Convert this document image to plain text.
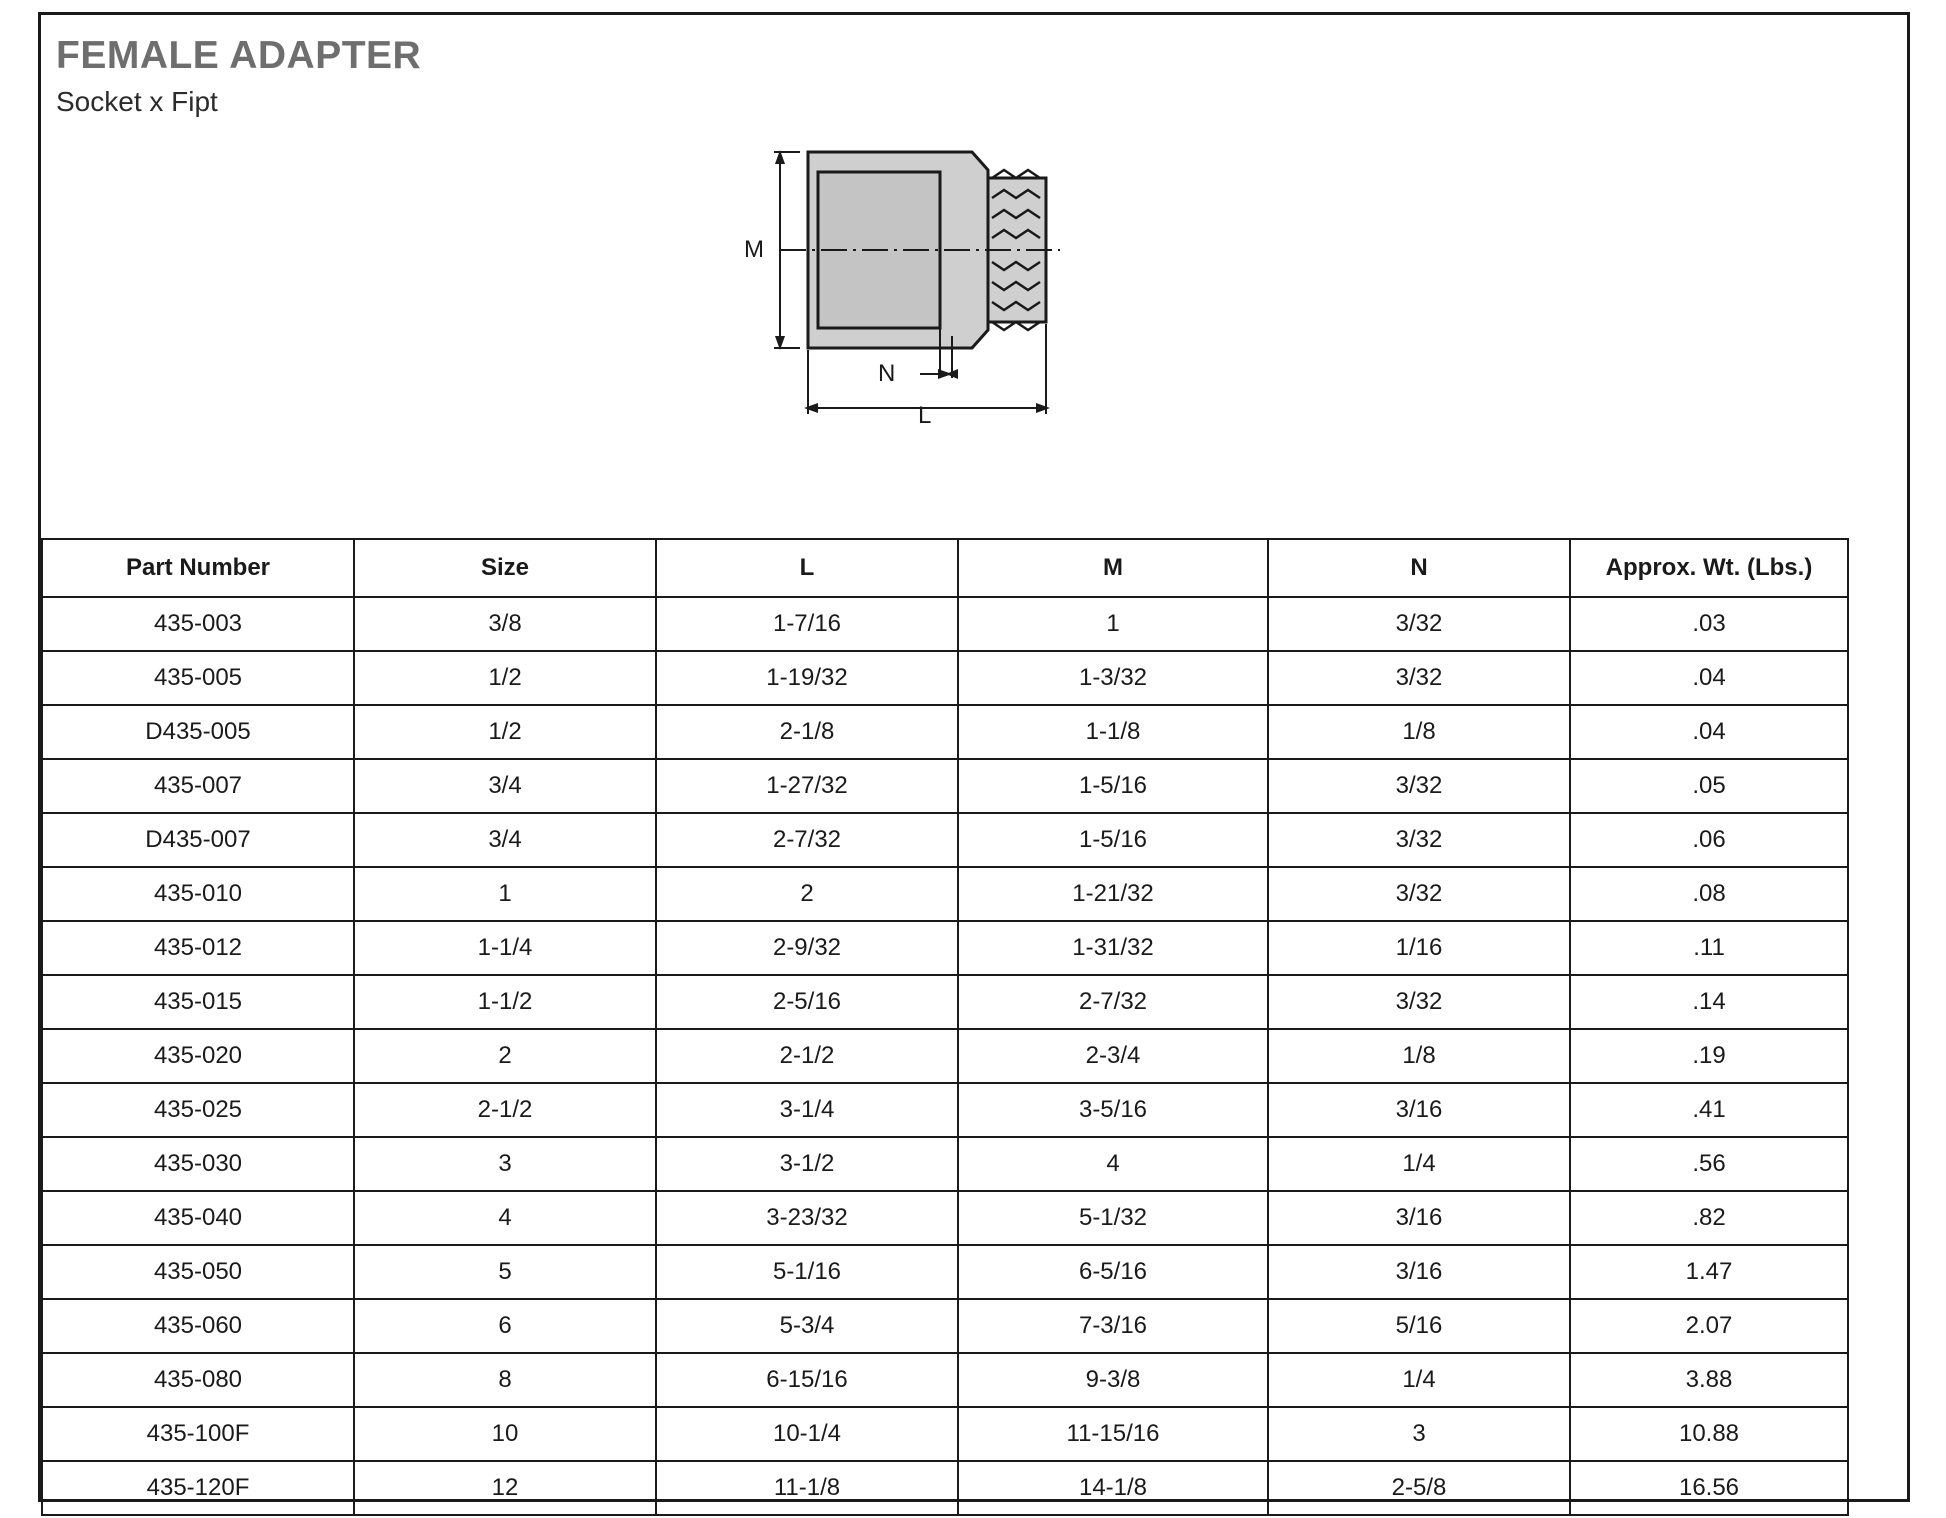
FEMALE ADAPTER
Socket x Fipt
M
N
L
Part Number	Size	L	M	N	Approx. Wt. (Lbs.)
435-003	3/8	1-7/16	1	3/32	.03
435-005	1/2	1-19/32	1-3/32	3/32	.04
D435-005	1/2	2-1/8	1-1/8	1/8	.04
435-007	3/4	1-27/32	1-5/16	3/32	.05
D435-007	3/4	2-7/32	1-5/16	3/32	.06
435-010	1	2	1-21/32	3/32	.08
435-012	1-1/4	2-9/32	1-31/32	1/16	.11
435-015	1-1/2	2-5/16	2-7/32	3/32	.14
435-020	2	2-1/2	2-3/4	1/8	.19
435-025	2-1/2	3-1/4	3-5/16	3/16	.41
435-030	3	3-1/2	4	1/4	.56
435-040	4	3-23/32	5-1/32	3/16	.82
435-050	5	5-1/16	6-5/16	3/16	1.47
435-060	6	5-3/4	7-3/16	5/16	2.07
435-080	8	6-15/16	9-3/8	1/4	3.88
435-100F	10	10-1/4	11-15/16	3	10.88
435-120F	12	11-1/8	14-1/8	2-5/8	16.56
